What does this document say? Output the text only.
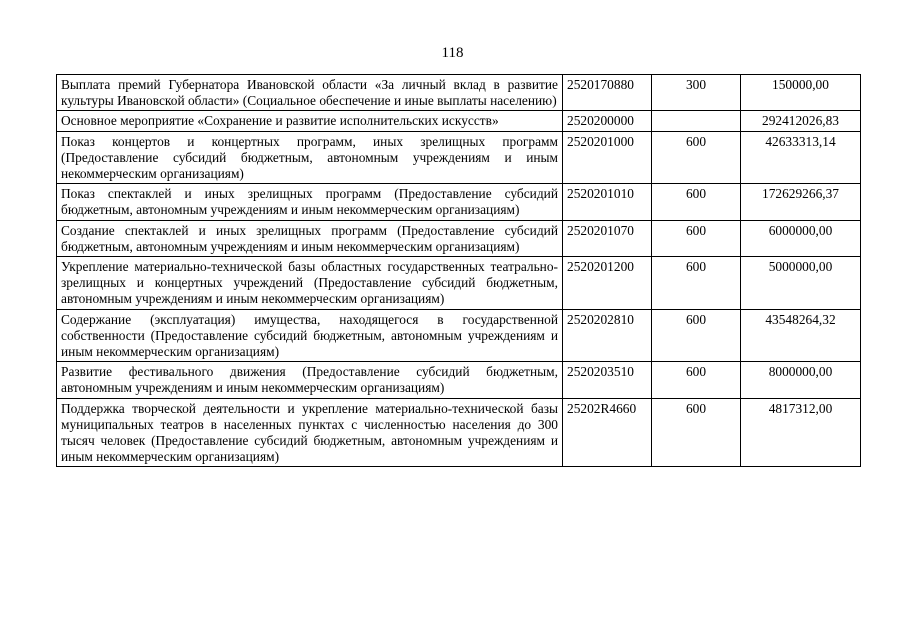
118
Выплата премий Губернатора Ивановской области «За личный вклад в развитие культуры Ивановской области» (Социальное обеспечение и иные выплаты населению)	2520170880	300	150000,00
Основное мероприятие «Сохранение и развитие исполнительских искусств»	2520200000		292412026,83
Показ концертов и концертных программ, иных зрелищных программ (Предоставление субсидий бюджетным, автономным учреждениям и иным некоммерческим организациям)	2520201000	600	42633313,14
Показ спектаклей и иных зрелищных программ (Предоставление субсидий бюджетным, автономным учреждениям и иным некоммерческим организациям)	2520201010	600	172629266,37
Создание спектаклей и иных зрелищных программ (Предоставление субсидий бюджетным, автономным учреждениям и иным некоммерческим организациям)	2520201070	600	6000000,00
Укрепление материально-технической базы областных государственных театрально-зрелищных и концертных учреждений (Предоставление субсидий бюджетным, автономным учреждениям и иным некоммерческим организациям)	2520201200	600	5000000,00
Содержание (эксплуатация) имущества, находящегося в государственной собственности (Предоставление субсидий бюджетным, автономным учреждениям и иным некоммерческим организациям)	2520202810	600	43548264,32
Развитие фестивального движения (Предоставление субсидий бюджетным, автономным учреждениям и иным некоммерческим организациям)	2520203510	600	8000000,00
Поддержка творческой деятельности и укрепление материально-технической базы муниципальных театров в населенных пунктах с численностью населения до 300 тысяч человек (Предоставление субсидий бюджетным, автономным учреждениям и иным некоммерческим организациям)	25202R4660	600	4817312,00
